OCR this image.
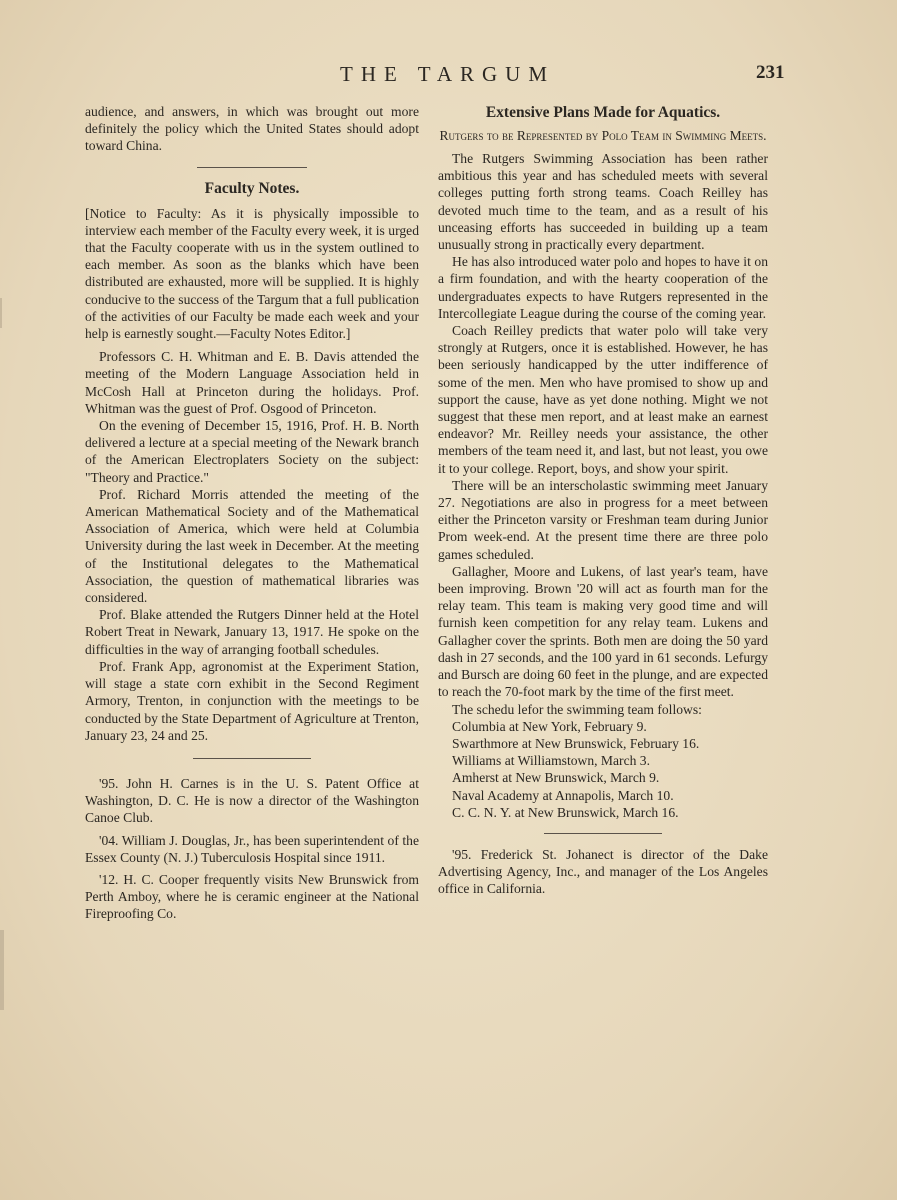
THE TARGUM	231

audience, and answers, in which was brought out more definitely the policy which the United States should adopt toward China.

Faculty Notes.

[Notice to Faculty: As it is physically impossible to interview each member of the Faculty every week, it is urged that the Faculty cooperate with us in the system outlined to each member. As soon as the blanks which have been distributed are exhausted, more will be supplied. It is highly conducive to the success of the Targum that a full publication of the activities of our Faculty be made each week and your help is earnestly sought.—Faculty Notes Editor.]

Professors C. H. Whitman and E. B. Davis attended the meeting of the Modern Language Association held in McCosh Hall at Princeton during the holidays. Prof. Whitman was the guest of Prof. Osgood of Princeton.

On the evening of December 15, 1916, Prof. H. B. North delivered a lecture at a special meeting of the Newark branch of the American Electroplaters Society on the subject: "Theory and Practice."

Prof. Richard Morris attended the meeting of the American Mathematical Society and of the Mathematical Association of America, which were held at Columbia University during the last week in December. At the meeting of the Institutional delegates to the Mathematical Association, the question of mathematical libraries was considered.

Prof. Blake attended the Rutgers Dinner held at the Hotel Robert Treat in Newark, January 13, 1917. He spoke on the difficulties in the way of arranging football schedules.

Prof. Frank App, agronomist at the Experiment Station, will stage a state corn exhibit in the Second Regiment Armory, Trenton, in conjunction with the meetings to be conducted by the State Department of Agriculture at Trenton, January 23, 24 and 25.

'95. John H. Carnes is in the U. S. Patent Office at Washington, D. C. He is now a director of the Washington Canoe Club.

'04. William J. Douglas, Jr., has been superintendent of the Essex County (N. J.) Tuberculosis Hospital since 1911.

'12. H. C. Cooper frequently visits New Brunswick from Perth Amboy, where he is ceramic engineer at the National Fireproofing Co.

Extensive Plans Made for Aquatics.
Rutgers to be Represented by Polo Team in Swimming Meets.

The Rutgers Swimming Association has been rather ambitious this year and has scheduled meets with several colleges putting forth strong teams. Coach Reilley has devoted much time to the team, and as a result of his unceasing efforts has succeeded in building up a team unusually strong in practically every department.

He has also introduced water polo and hopes to have it on a firm foundation, and with the hearty cooperation of the undergraduates expects to have Rutgers represented in the Intercollegiate League during the course of the coming year.

Coach Reilley predicts that water polo will take very strongly at Rutgers, once it is established. However, he has been seriously handicapped by the utter indifference of some of the men. Men who have promised to show up and support the cause, have as yet done nothing. Might we not suggest that these men report, and at least make an earnest endeavor? Mr. Reilley needs your assistance, the other members of the team need it, and last, but not least, you owe it to your college. Report, boys, and show your spirit.

There will be an interscholastic swimming meet January 27. Negotiations are also in progress for a meet between either the Princeton varsity or Freshman team during Junior Prom week-end. At the present time there are three polo games scheduled.

Gallagher, Moore and Lukens, of last year's team, have been improving. Brown '20 will act as fourth man for the relay team. This team is making very good time and will furnish keen competition for any relay team. Lukens and Gallagher cover the sprints. Both men are doing the 50 yard dash in 27 seconds, and the 100 yard in 61 seconds. Lefurgy and Bursch are doing 60 feet in the plunge, and are expected to reach the 70-foot mark by the time of the first meet.

The schedu lefor the swimming team follows:

Columbia at New York, February 9.
Swarthmore at New Brunswick, February 16.
Williams at Williamstown, March 3.
Amherst at New Brunswick, March 9.
Naval Academy at Annapolis, March 10.
C. C. N. Y. at New Brunswick, March 16.

'95. Frederick St. Johanect is director of the Dake Advertising Agency, Inc., and manager of the Los Angeles office in California.
